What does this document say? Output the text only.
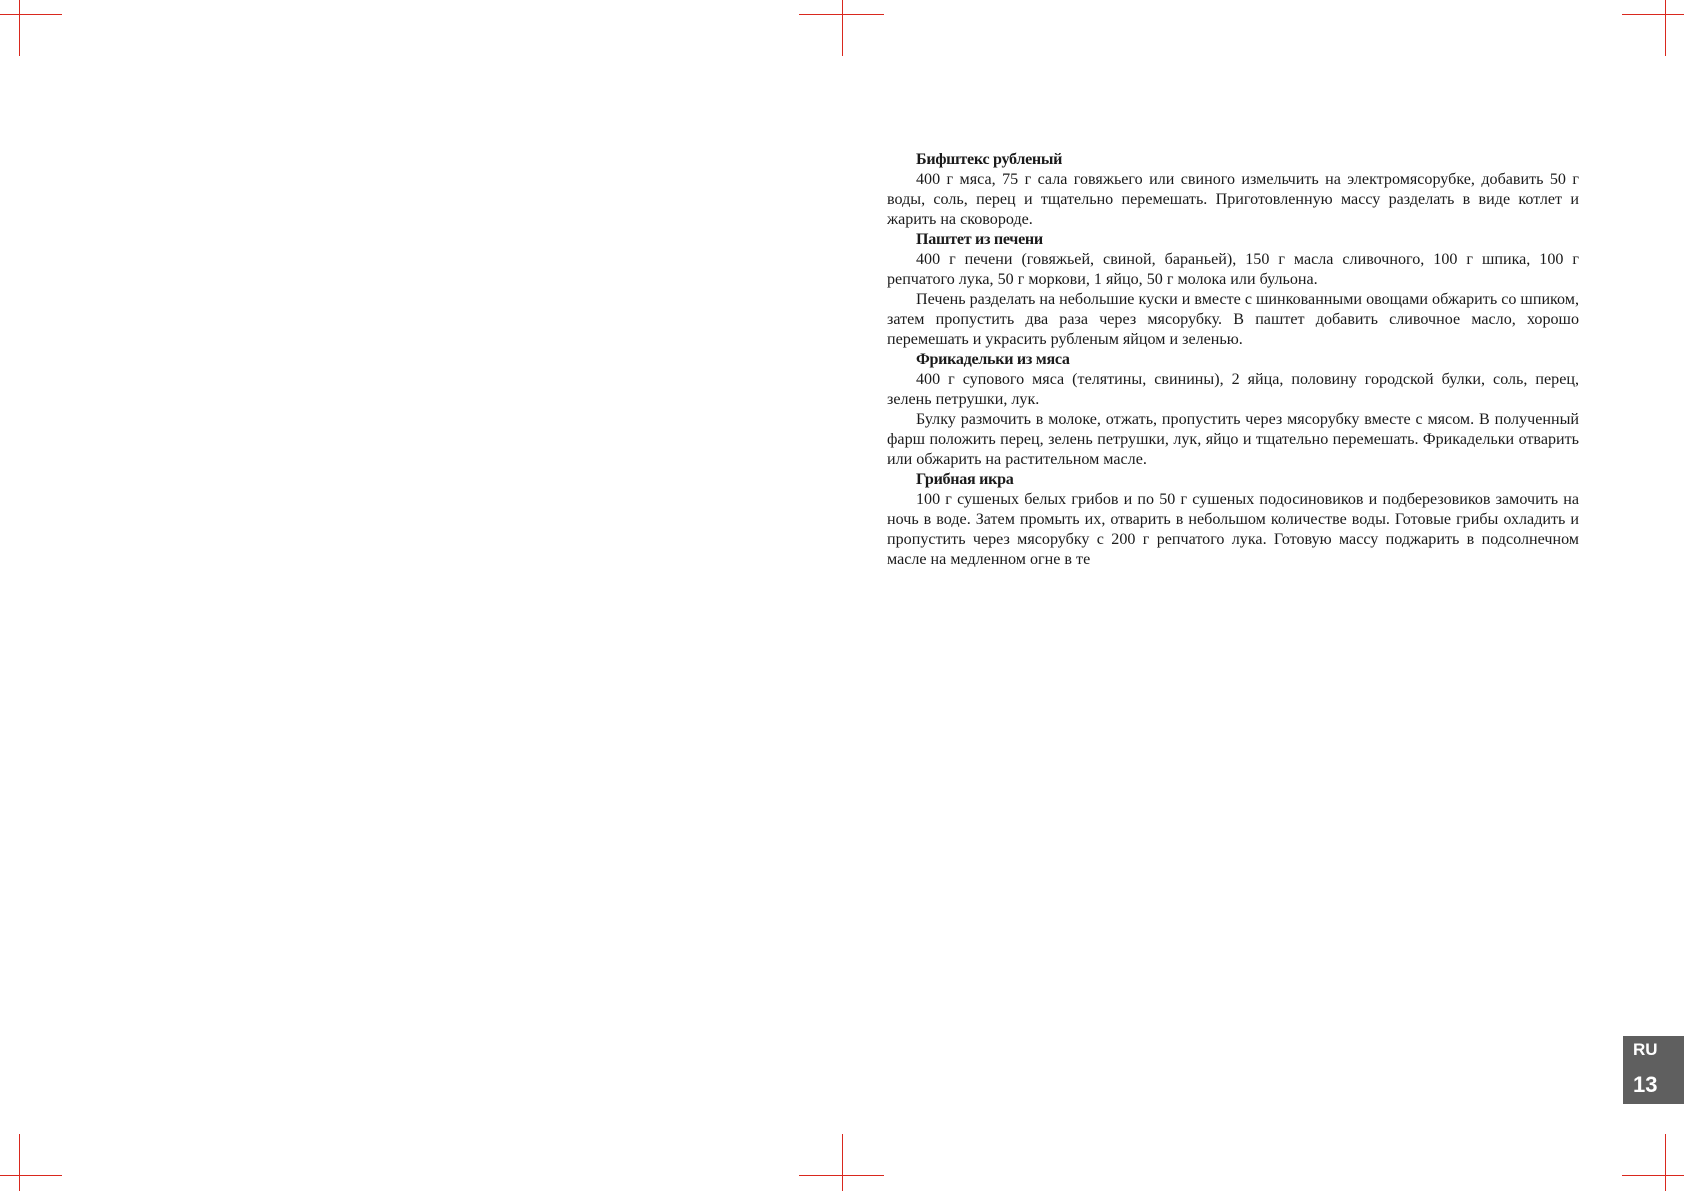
Бифштекс рубленый

400 г мяса, 75 г сала говяжьего или свиного измельчить на электромясорубке, добавить 50 г воды, соль, перец и тщательно перемешать. Приготовленную массу разделать в виде котлет и жарить на сковороде.

Паштет из печени

400 г печени (говяжьей, свиной, бараньей), 150 г масла сливочного, 100 г шпика, 100 г репчатого лука, 50 г моркови, 1 яйцо, 50 г молока или бульона.

Печень разделать на небольшие куски и вместе с шинкованными овощами обжарить со шпиком, затем пропустить два раза через мясорубку. В паштет добавить сливочное масло, хорошо перемешать и украсить рубленым яйцом и зеленью.

Фрикадельки из мяса

400 г супового мяса (телятины, свинины), 2 яйца, половину городской булки, соль, перец, зелень петрушки, лук.

Булку размочить в молоке, отжать, пропустить через мясорубку вместе с мясом. В полученный фарш положить перец, зелень петрушки, лук, яйцо и тщательно перемешать. Фрикадельки отварить или обжарить на растительном масле.

Грибная икра

100 г сушеных белых грибов и по 50 г сушеных подосиновиков и подберезовиков замочить на ночь в воде. Затем промыть их, отварить в небольшом количестве воды. Готовые грибы охладить и пропустить через мясорубку с 200 г репчатого лука. Готовую массу поджарить в подсолнечном масле на медленном огне в те

RU
13
